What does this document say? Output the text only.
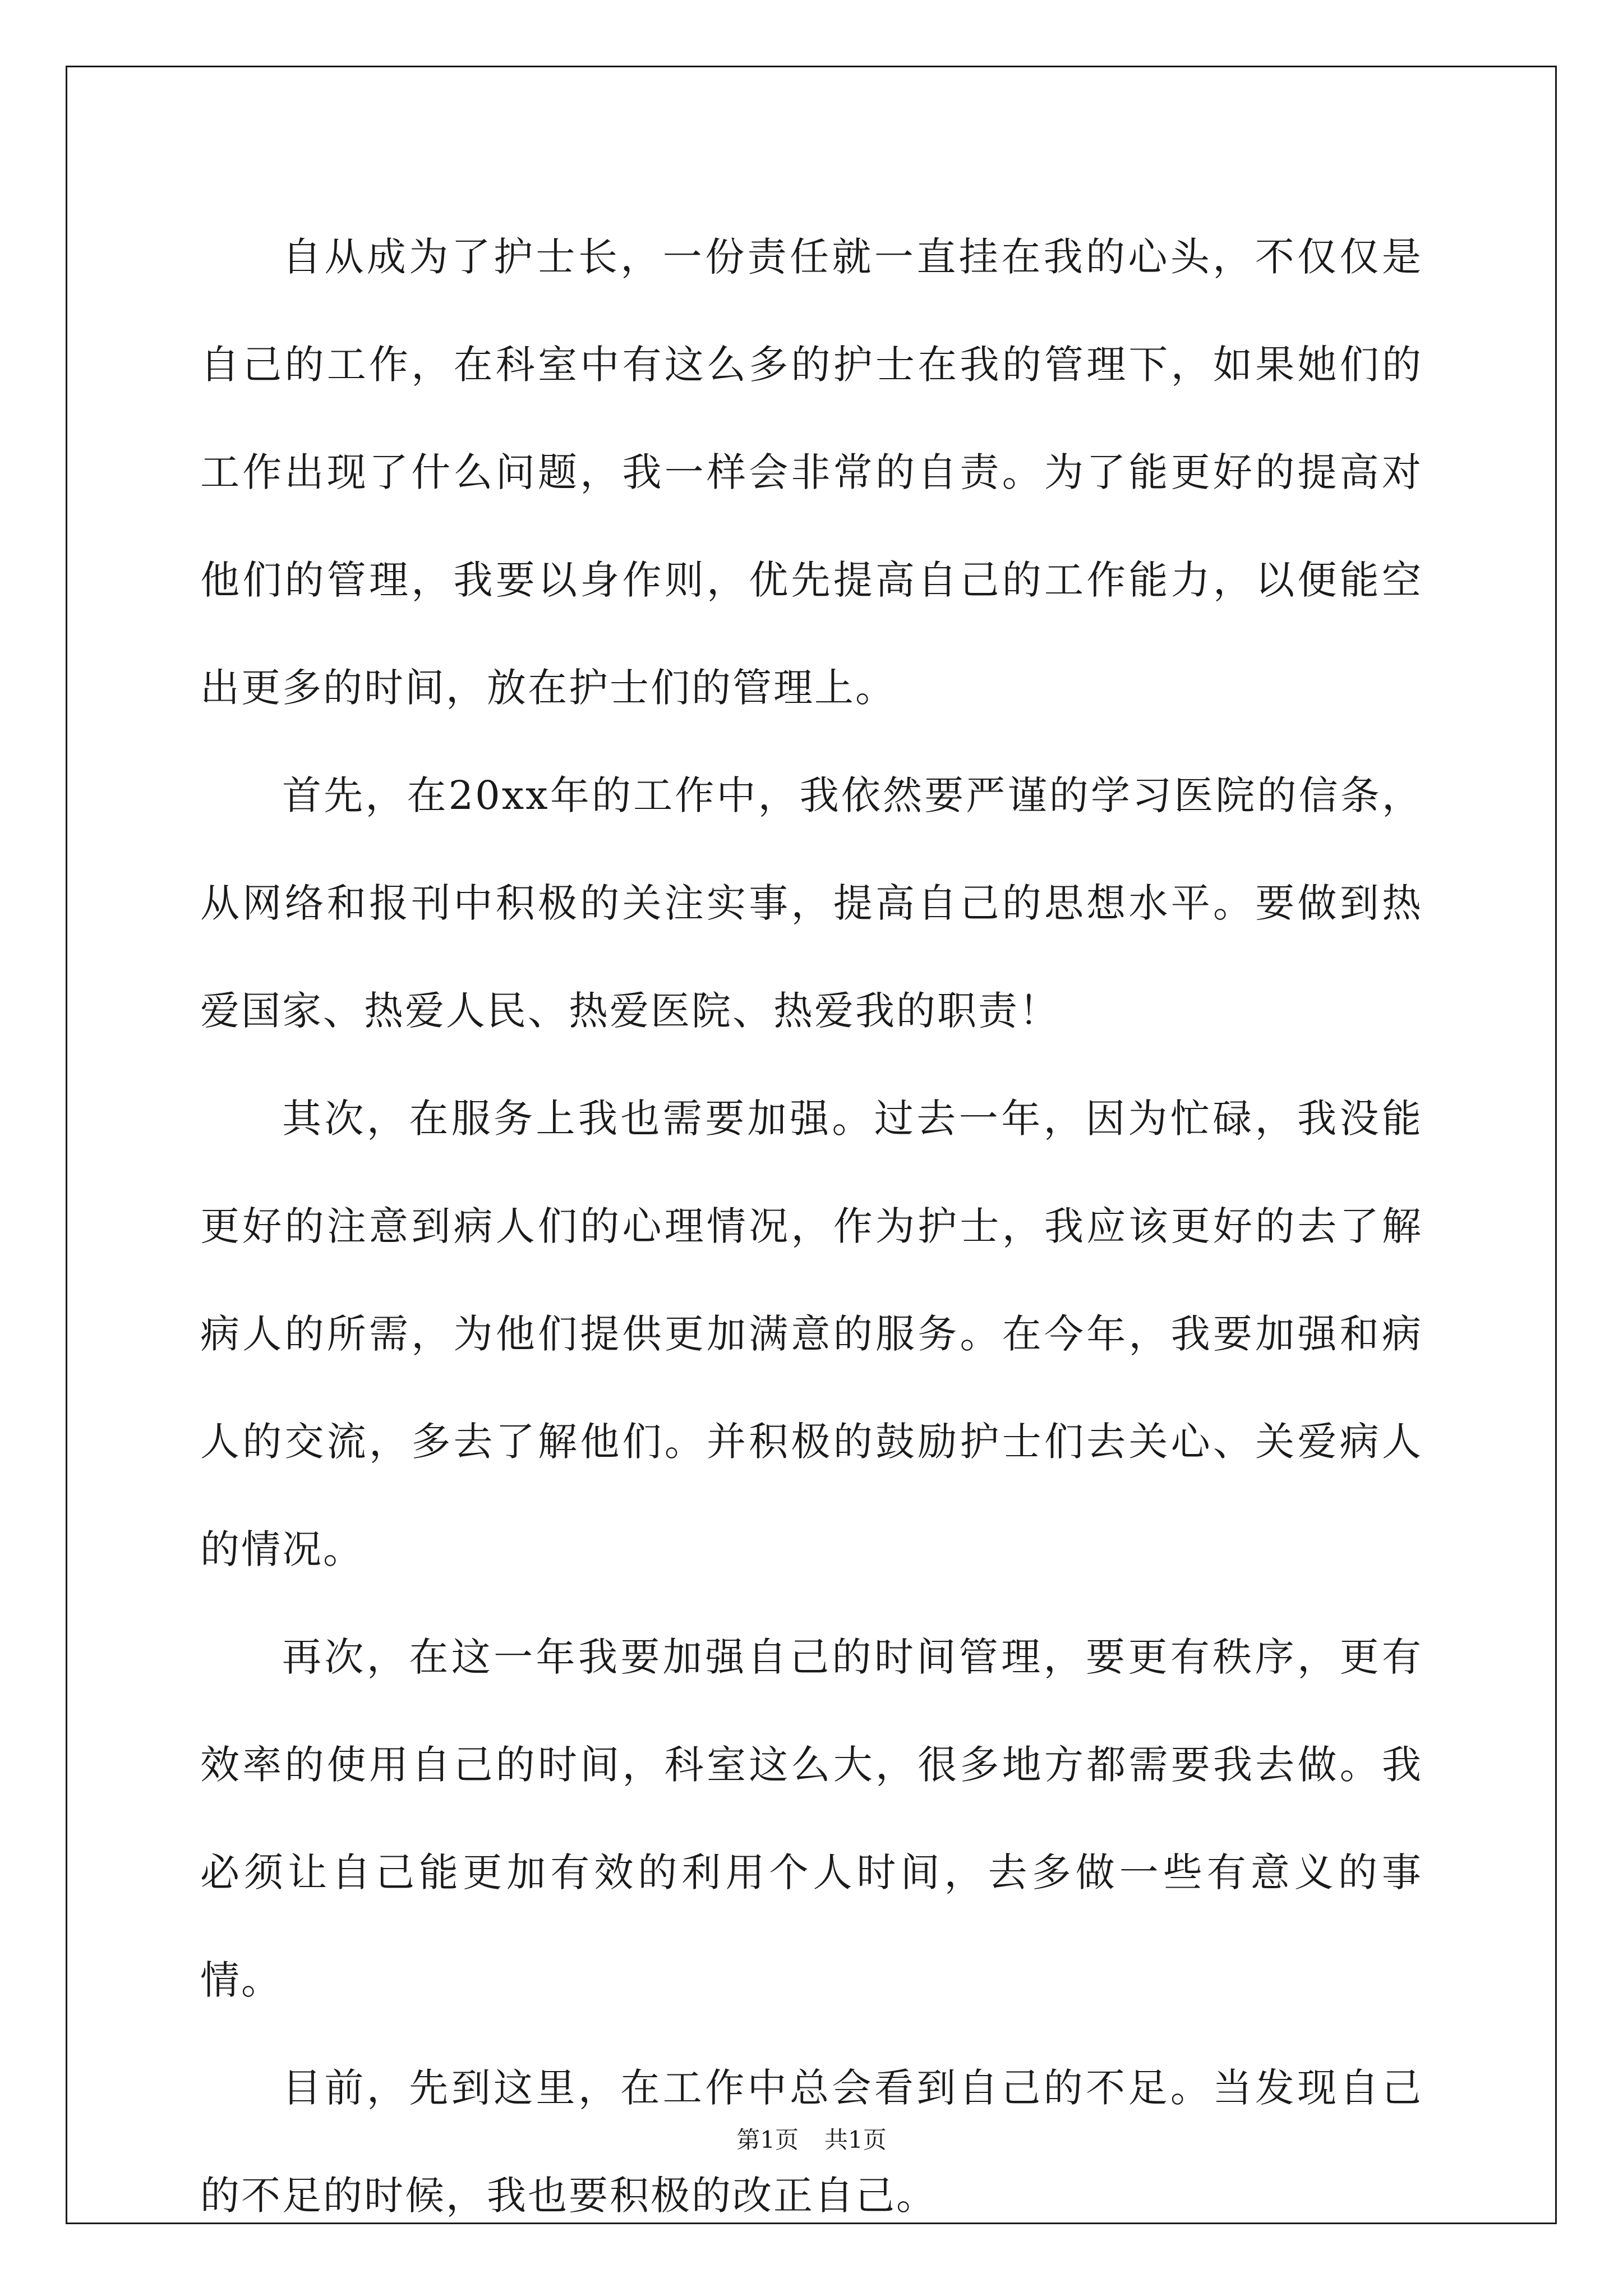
自从成为了护士长，一份责任就一直挂在我的心头，不仅仅是自己的工作，在科室中有这么多的护士在我的管理下，如果她们的工作出现了什么问题，我一样会非常的自责。为了能更好的提高对他们的管理，我要以身作则，优先提高自己的工作能力，以便能空出更多的时间，放在护士们的管理上。

首先，在20xx年的工作中，我依然要严谨的学习医院的信条，从网络和报刊中积极的关注实事，提高自己的思想水平。要做到热爱国家、热爱人民、热爱医院、热爱我的职责！

其次，在服务上我也需要加强。过去一年，因为忙碌，我没能更好的注意到病人们的心理情况，作为护士，我应该更好的去了解病人的所需，为他们提供更加满意的服务。在今年，我要加强和病人的交流，多去了解他们。并积极的鼓励护士们去关心、关爱病人的情况。

再次，在这一年我要加强自己的时间管理，要更有秩序，更有效率的使用自己的时间，科室这么大，很多地方都需要我去做。我必须让自己能更加有效的利用个人时间，去多做一些有意义的事情。

目前，先到这里，在工作中总会看到自己的不足。当发现自己的不足的时候，我也要积极的改正自己。

第1页 共1页
